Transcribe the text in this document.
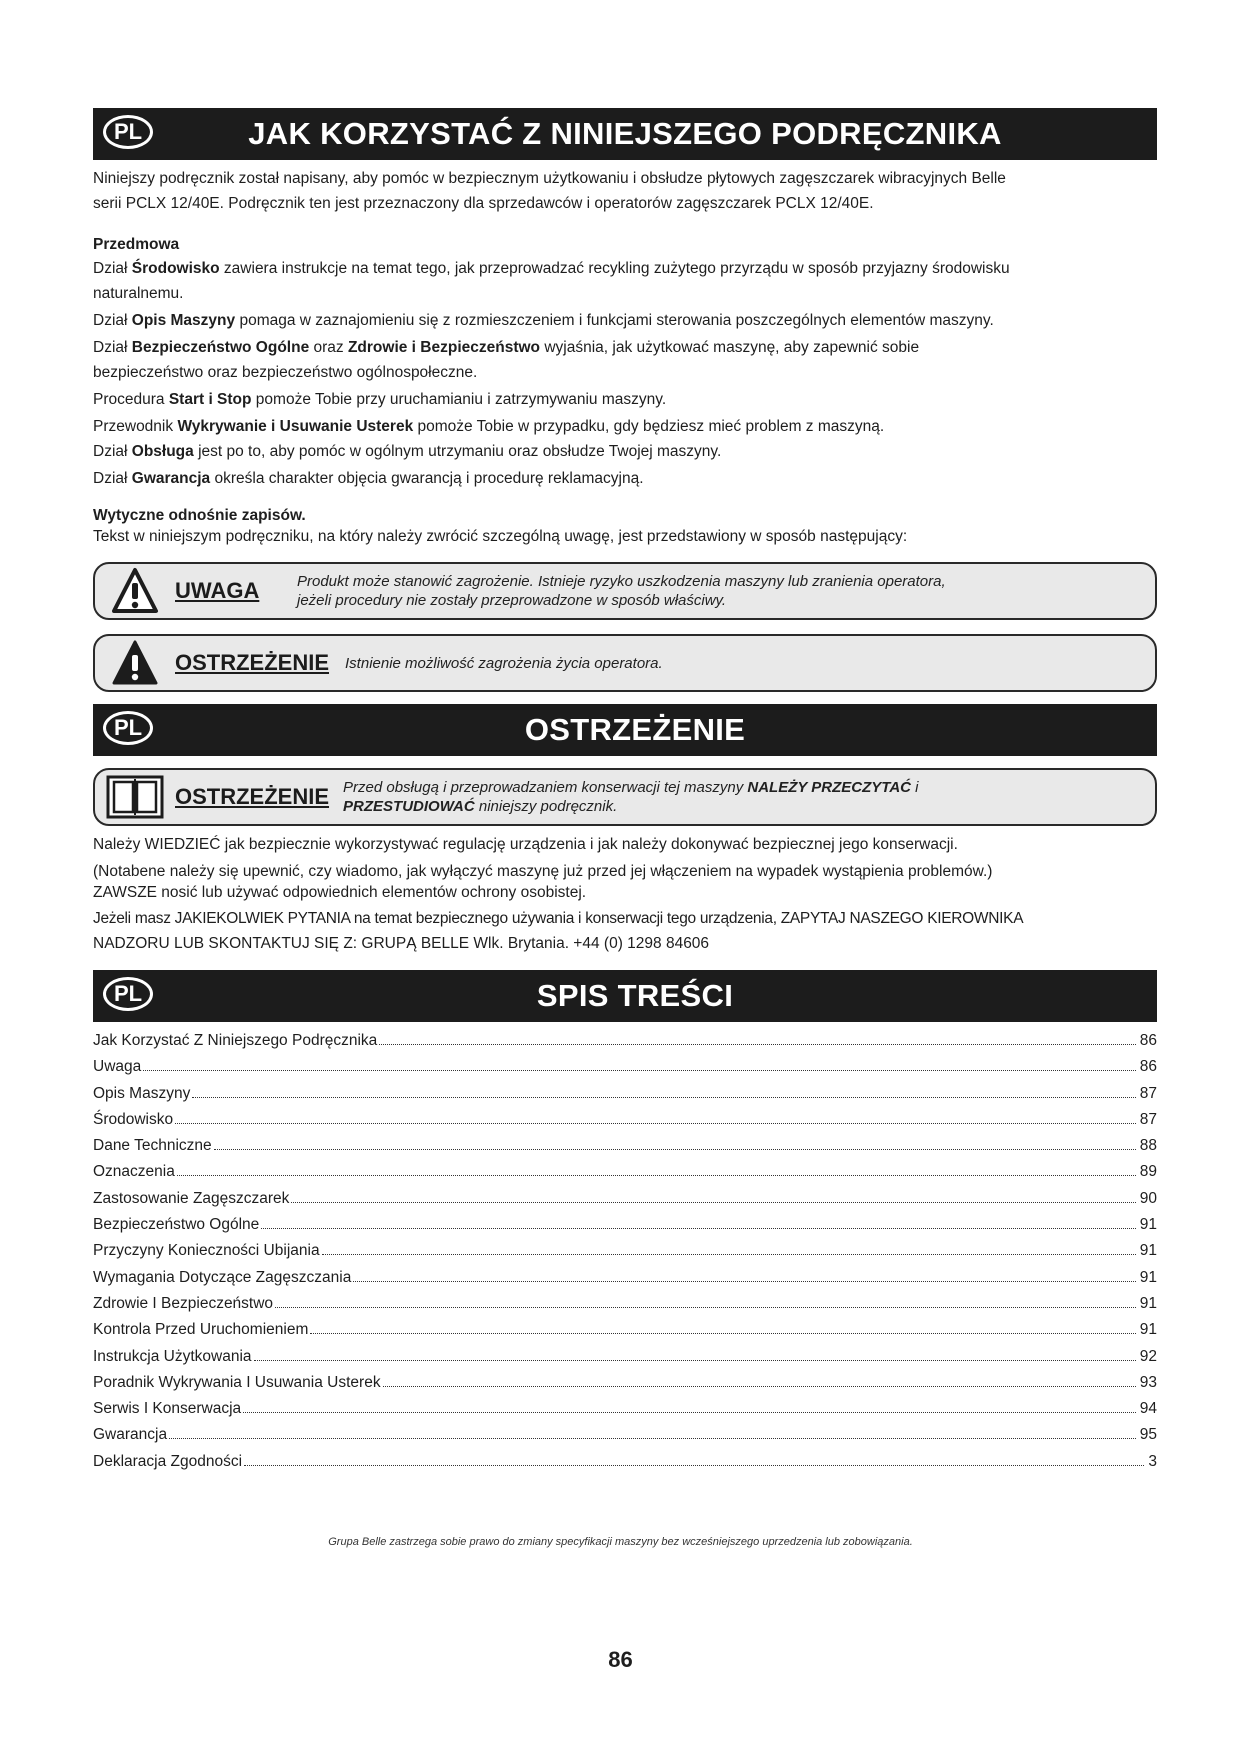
PL	JAK KORZYSTAĆ Z NINIEJSZEGO PODRĘCZNIKA

Niniejszy podręcznik został napisany, aby pomóc w bezpiecznym użytkowaniu i obsłudze płytowych zagęszczarek wibracyjnych Belle

serii PCLX 12/40E. Podręcznik ten jest przeznaczony dla sprzedawców i operatorów zagęszczarek PCLX 12/40E.

Przedmowa

Dział Środowisko zawiera instrukcje na temat tego, jak przeprowadzać recykling zużytego przyrządu w sposób przyjazny środowisku

naturalnemu.

Dział Opis Maszyny pomaga w zaznajomieniu się z rozmieszczeniem i funkcjami sterowania poszczególnych elementów maszyny.

Dział Bezpieczeństwo Ogólne oraz Zdrowie i Bezpieczeństwo wyjaśnia, jak użytkować maszynę, aby zapewnić sobie

bezpieczeństwo oraz bezpieczeństwo ogólnospołeczne.

Procedura Start i Stop pomoże Tobie przy uruchamianiu i zatrzymywaniu maszyny.

Przewodnik Wykrywanie i Usuwanie Usterek pomoże Tobie w przypadku, gdy będziesz mieć problem z maszyną.

Dział Obsługa jest po to, aby pomóc w ogólnym utrzymaniu oraz obsłudze Twojej maszyny.

Dział Gwarancja określa charakter objęcia gwarancją i procedurę reklamacyjną.

Wytyczne odnośnie zapisów.

Tekst w niniejszym podręczniku, na który należy zwrócić szczególną uwagę, jest przedstawiony w sposób następujący:

UWAGA	Produkt może stanowić zagrożenie. Istnieje ryzyko uszkodzenia maszyny lub zranienia operatora,
jeżeli procedury nie zostały przeprowadzone w sposób właściwy.
OSTRZEŻENIE Istnienie możliwość zagrożenia życia operatora.
PL	OSTRZEŻENIE
OSTRZEŻENIE Przed obsługą i przeprowadzaniem konserwacji tej maszyny NALEŻY PRZECZYTAĆ i
PRZESTUDIOWAĆ niniejszy podręcznik.

Należy WIEDZIEĆ jak bezpiecznie wykorzystywać regulację urządzenia i jak należy dokonywać bezpiecznej jego konserwacji.

(Notabene należy się upewnić, czy wiadomo, jak wyłączyć maszynę już przed jej włączeniem na wypadek wystąpienia problemów.)

ZAWSZE nosić lub używać odpowiednich elementów ochrony osobistej.

Jeżeli masz JAKIEKOLWIEK PYTANIA na temat bezpiecznego używania i konserwacji tego urządzenia, ZAPYTAJ NASZEGO KIEROWNIKA

NADZORU LUB SKONTAKTUJ SIĘ Z: GRUPĄ BELLE Wlk. Brytania. +44 (0) 1298 84606

PL	SPIS TREŚCI
Jak Korzystać Z Niniejszego Podręcznika	86
Uwaga	86
Opis Maszyny	87
Środowisko	87
Dane Techniczne	88
Oznaczenia	89
Zastosowanie Zagęszczarek	90
Bezpieczeństwo Ogólne	91
Przyczyny Konieczności Ubijania	91
Wymagania Dotyczące Zagęszczania	91
Zdrowie I Bezpieczeństwo	91
Kontrola Przed Uruchomieniem	91
Instrukcja Użytkowania	92
Poradnik Wykrywania I Usuwania Usterek	93
Serwis I Konserwacja	94
Gwarancja	95
Deklaracja Zgodności	3
Grupa Belle zastrzega sobie prawo do zmiany specyfikacji maszyny bez wcześniejszego uprzedzenia lub zobowiązania.
86
